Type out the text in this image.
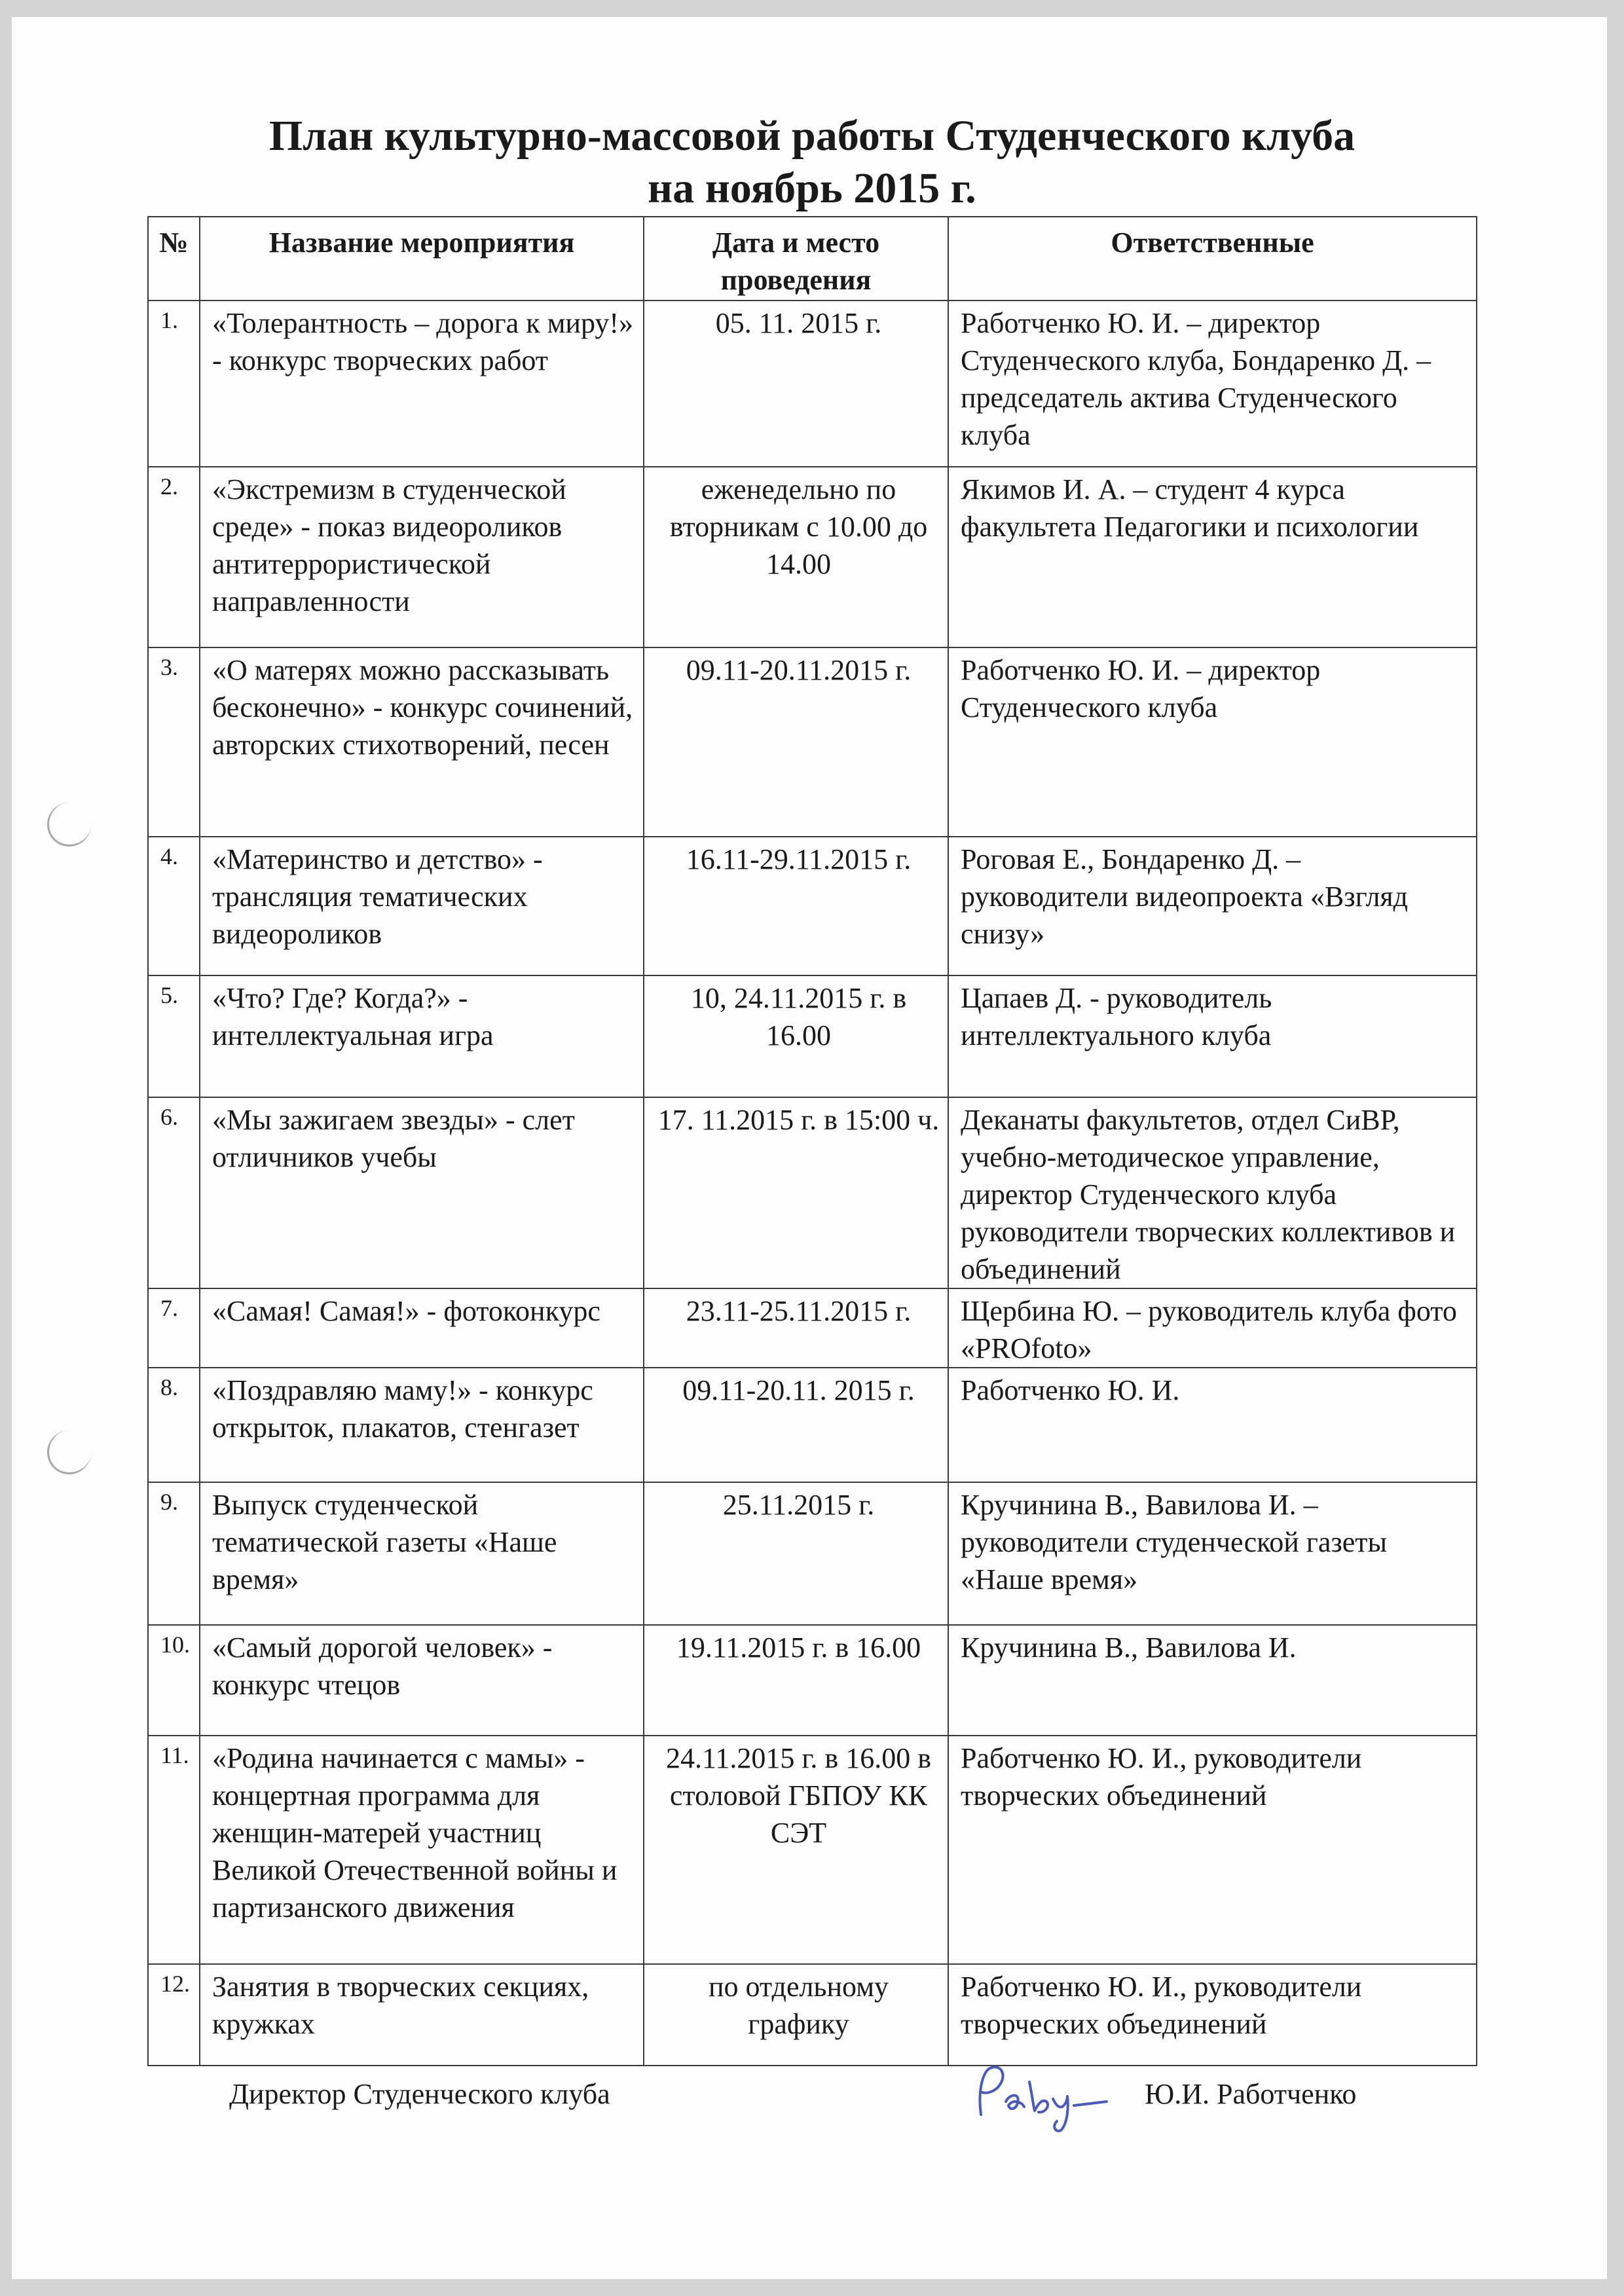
План культурно-массовой работы Студенческого клуба
на ноябрь 2015 г.
№	Название мероприятия	Дата и место проведения	Ответственные
1.	«Толерантность – дорога к миру!» - конкурс творческих работ	05. 11. 2015 г.	Работченко Ю. И. – директор Студенческого клуба, Бондаренко Д. – председатель актива Студенческого клуба
2.	«Экстремизм в студенческой среде» - показ видеороликов антитеррористической направленности	еженедельно по вторникам с 10.00 до 14.00	Якимов И. А. – студент 4 курса факультета Педагогики и психологии
3.	«О матерях можно рассказывать бесконечно» - конкурс сочинений, авторских стихотворений, песен	09.11-20.11.2015 г.	Работченко Ю. И. – директор Студенческого клуба
4.	«Материнство и детство» - трансляция тематических видеороликов	16.11-29.11.2015 г.	Роговая Е., Бондаренко Д. – руководители видеопроекта «Взгляд снизу»
5.	«Что? Где? Когда?» - интеллектуальная игра	10, 24.11.2015 г. в 16.00	Цапаев Д. - руководитель интеллектуального клуба
6.	«Мы зажигаем звезды» - слет отличников учебы	17. 11.2015 г. в 15:00 ч.	Деканаты факультетов, отдел СиВР, учебно-методическое управление, директор Студенческого клуба руководители творческих коллективов и объединений
7.	«Самая! Самая!» - фотоконкурс	23.11-25.11.2015 г.	Щербина Ю. – руководитель клуба фото «PROfoto»
8.	«Поздравляю маму!» - конкурс открыток, плакатов, стенгазет	09.11-20.11. 2015 г.	Работченко Ю. И.
9.	Выпуск студенческой тематической газеты «Наше время»	25.11.2015 г.	Кручинина В., Вавилова И. – руководители студенческой газеты «Наше время»
10.	«Самый дорогой человек» - конкурс чтецов	19.11.2015 г. в 16.00	Кручинина В., Вавилова И.
11.	«Родина начинается с мамы» - концертная программа для женщин-матерей участниц Великой Отечественной войны и партизанского движения	24.11.2015 г. в 16.00 в столовой ГБПОУ КК СЭТ	Работченко Ю. И., руководители творческих объединений
12.	Занятия в творческих секциях, кружках	по отдельному графику	Работченко Ю. И., руководители творческих объединений
Директор Студенческого клуба	Ю.И. Работченко
